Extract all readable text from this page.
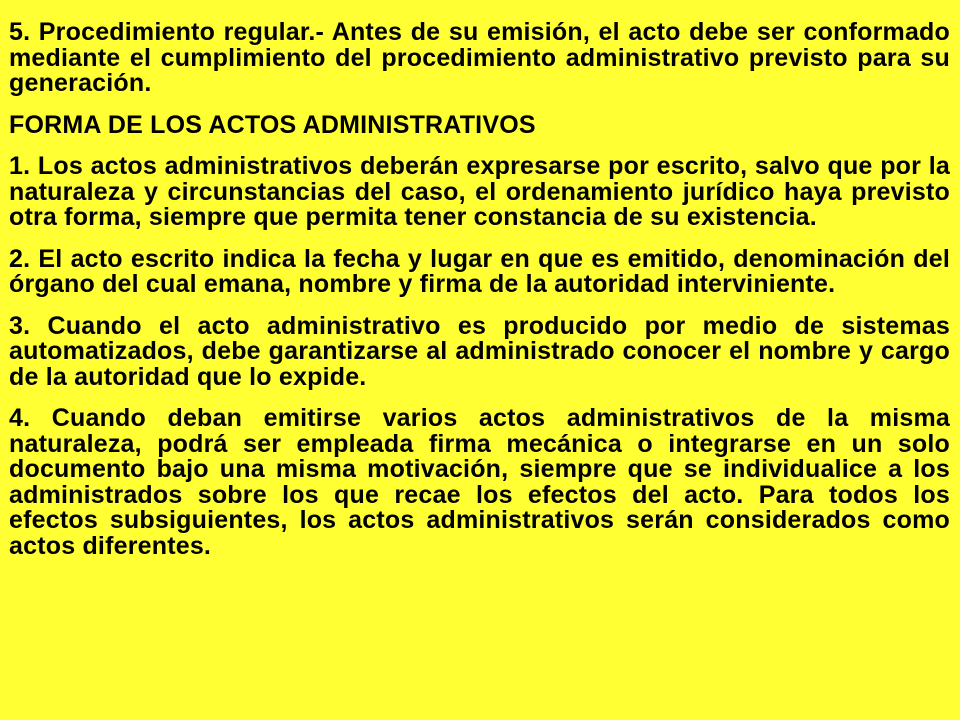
5. Procedimiento regular.- Antes de su emisión, el acto debe ser conformado mediante el cumplimiento del procedimiento administrativo previsto para su generación.

FORMA DE LOS ACTOS ADMINISTRATIVOS

1. Los actos administrativos deberán expresarse por escrito, salvo que por la naturaleza y circunstancias del caso, el ordenamiento jurídico haya previsto otra forma, siempre que permita tener constancia de su existencia.

2. El acto escrito indica la fecha y lugar en que es emitido, denominación del órgano del cual emana, nombre y firma de la autoridad interviniente.

3. Cuando el acto administrativo es producido por medio de sistemas automatizados, debe garantizarse al administrado conocer el nombre y cargo de la autoridad que lo expide.

4. Cuando deban emitirse varios actos administrativos de la misma naturaleza, podrá ser empleada firma mecánica o integrarse en un solo documento bajo una misma motivación, siempre que se individualice a los administrados sobre los que recae los efectos del acto. Para todos los efectos subsiguientes, los actos administrativos serán considerados como actos diferentes.
